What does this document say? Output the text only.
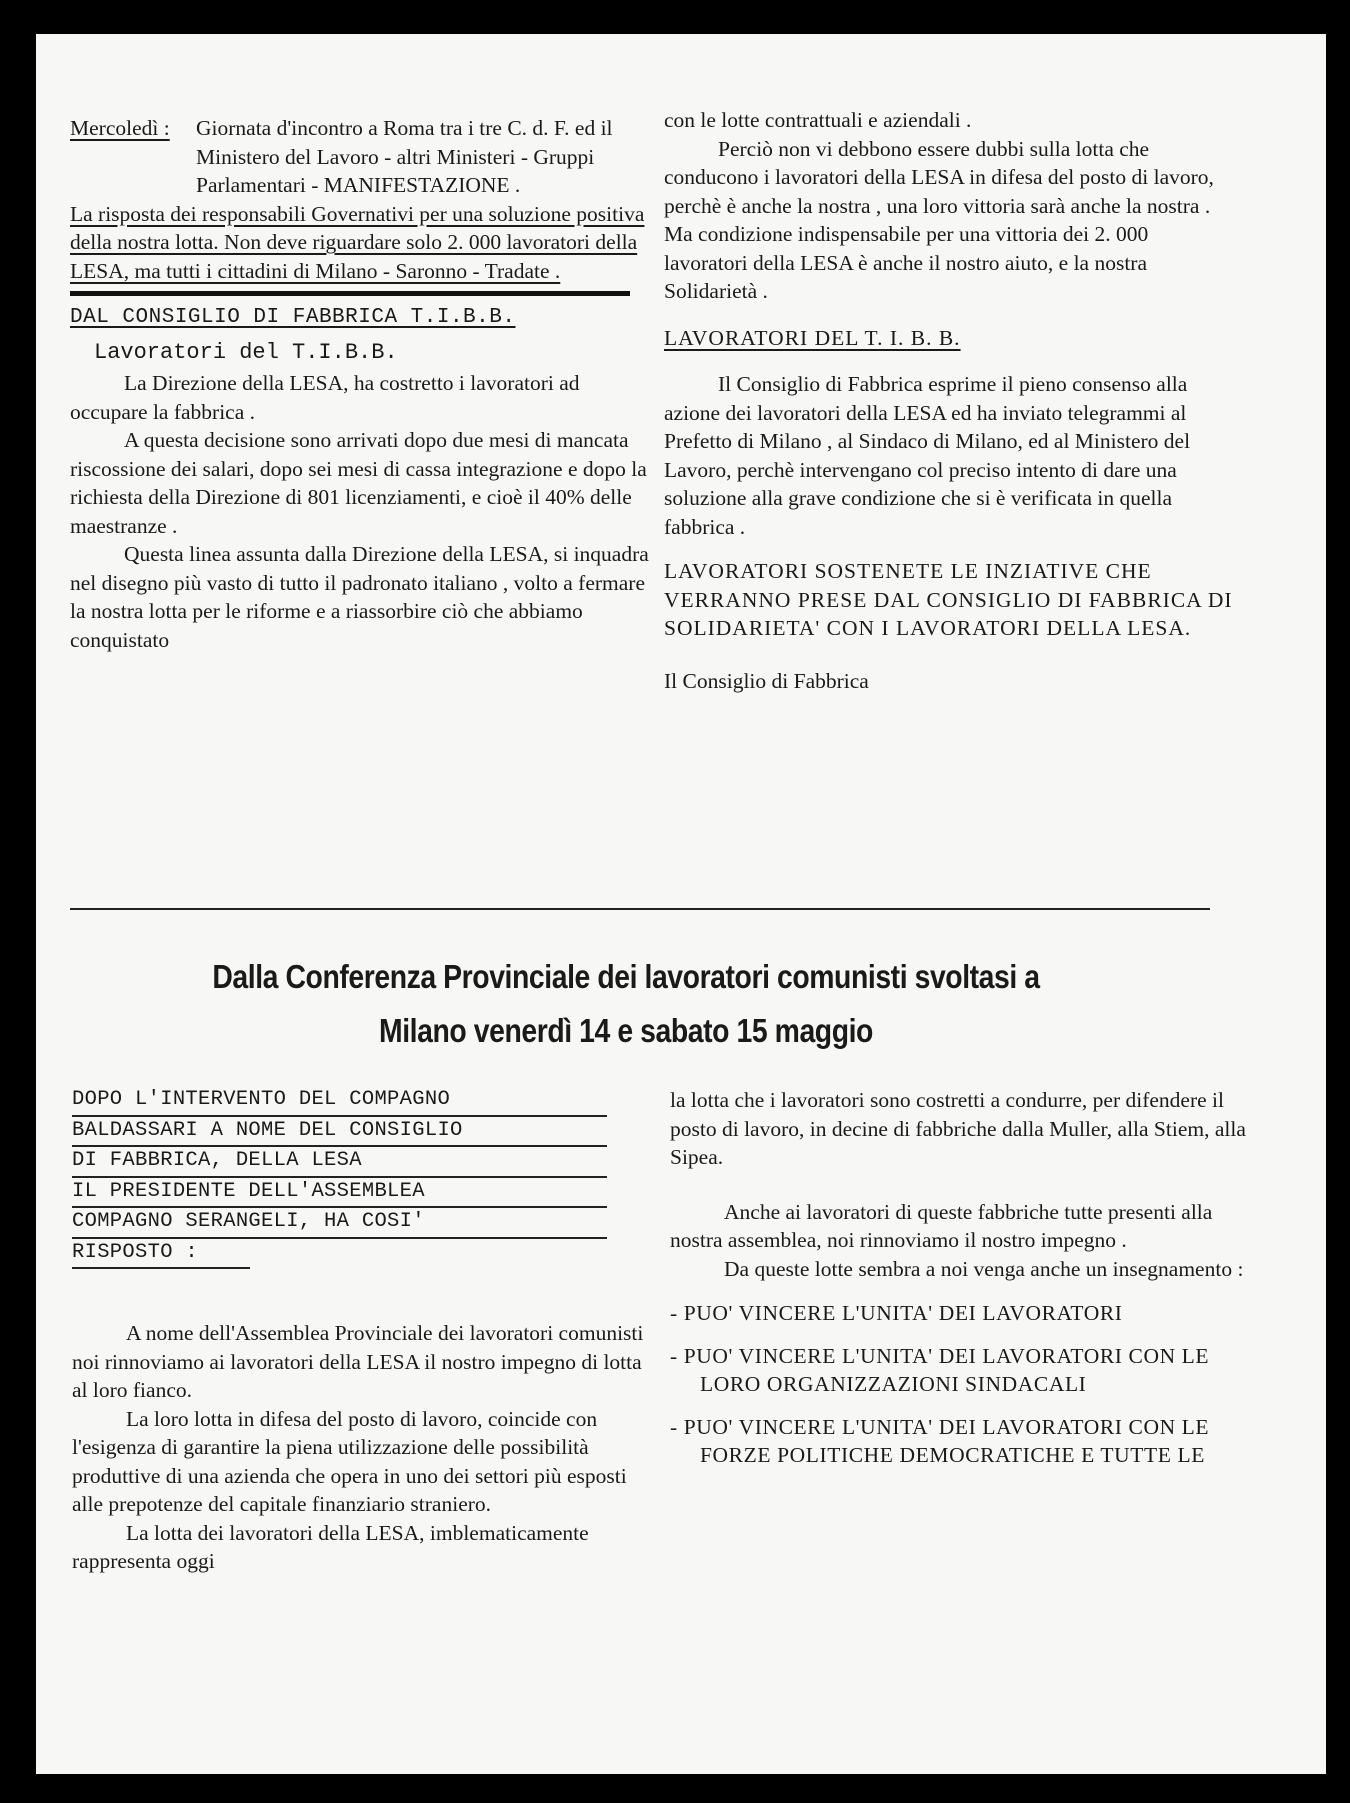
Mercoledì :	Giornata d'incontro a Roma tra i tre C. d. F. ed il Ministero del Lavoro - altri Ministeri - Gruppi Parlamentari - MANIFESTAZIONE .

La risposta dei responsabili Governativi per una soluzione positiva della nostra lotta. Non deve riguardare solo 2. 000 lavoratori della LESA, ma tutti i cittadini di Milano - Saronno - Tradate .

DAL CONSIGLIO DI FABBRICA T.I.B.B.

Lavoratori del T.I.B.B.

La Direzione della LESA, ha costretto i lavoratori ad occupare la fabbrica .

A questa decisione sono arrivati dopo due mesi di mancata riscossione dei salari, dopo sei mesi di cassa integrazione e dopo la richiesta della Direzione di 801 licenziamenti, e cioè il 40% delle maestranze .

Questa linea assunta dalla Direzione della LESA, si inquadra nel disegno più vasto di tutto il padronato italiano , volto a fermare la nostra lotta per le riforme e a riassorbire ciò che abbiamo conquistato

con le lotte contrattuali e aziendali .

Perciò non vi debbono essere dubbi sulla lotta che conducono i lavoratori della LESA in difesa del posto di lavoro, perchè è anche la nostra , una loro vittoria sarà anche la nostra . Ma condizione indispensabile per una vittoria dei 2. 000 lavoratori della LESA è anche il nostro aiuto, e la nostra Solidarietà .

LAVORATORI DEL T. I. B. B.

Il Consiglio di Fabbrica esprime il pieno consenso alla azione dei lavoratori della LESA ed ha inviato telegrammi al Prefetto di Milano , al Sindaco di Milano, ed al Ministero del Lavoro, perchè intervengano col preciso intento di dare una soluzione alla grave condizione che si è verificata in quella fabbrica .

LAVORATORI SOSTENETE LE INZIATIVE CHE VERRANNO PRESE DAL CONSIGLIO DI FABBRICA DI SOLIDARIETA' CON I LAVORATORI DELLA LESA.

Il Consiglio di Fabbrica

Dalla Conferenza Provinciale dei lavoratori comunisti svoltasi a
Milano venerdì 14 e sabato 15 maggio
DOPO L'INTERVENTO DEL COMPAGNO
BALDASSARI A NOME DEL CONSIGLIO
DI FABBRICA, DELLA LESA
IL PRESIDENTE DELL'ASSEMBLEA
COMPAGNO SERANGELI, HA COSI'
RISPOSTO :

A nome dell'Assemblea Provinciale dei lavoratori comunisti noi rinnoviamo ai lavoratori della LESA il nostro impegno di lotta al loro fianco.

La loro lotta in difesa del posto di lavoro, coincide con l'esigenza di garantire la piena utilizzazione delle possibilità produttive di una azienda che opera in uno dei settori più esposti alle prepotenze del capitale finanziario straniero.

La lotta dei lavoratori della LESA, imblematicamente rappresenta oggi

la lotta che i lavoratori sono costretti a condurre, per difendere il posto di lavoro, in decine di fabbriche dalla Muller, alla Stiem, alla Sipea.

Anche ai lavoratori di queste fabbriche tutte presenti alla nostra assemblea, noi rinnoviamo il nostro impegno .

Da queste lotte sembra a noi venga anche un insegnamento :

- PUO' VINCERE L'UNITA' DEI LAVORATORI
- PUO' VINCERE L'UNITA' DEI LAVORATORI CON LE LORO ORGANIZZAZIONI SINDACALI
- PUO' VINCERE L'UNITA' DEI LAVORATORI CON LE FORZE POLITICHE DEMOCRATICHE E TUTTE LE
